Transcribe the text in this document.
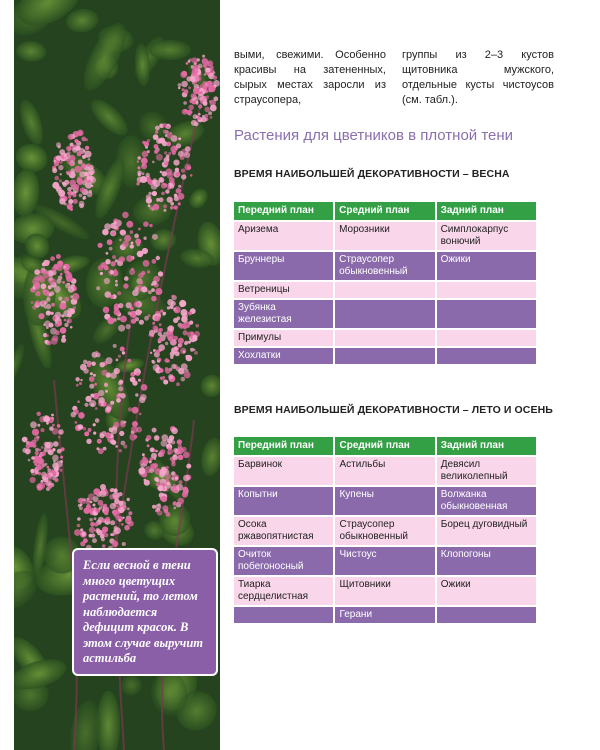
Если весной в тени много цветущих растений, то летом наблюдается дефицит красок. В этом случае выручит астильба
выми, свежими. Особенно красивы на затененных, сырых местах заросли из страусопера,
группы из 2–3 кустов щитовника мужского, отдельные кусты чистоусов (см. табл.).
Растения для цветников в плотной тени
ВРЕМЯ НАИБОЛЬШЕЙ ДЕКОРАТИВНОСТИ – ВЕСНА
Передний план	Средний план	Задний план
Аризема	Морозники	Симплокарпус вонючий
Бруннеры	Страусопер обыкновенный	Ожики
Ветреницы		
Зубянка железистая		
Примулы		
Хохлатки		
ВРЕМЯ НАИБОЛЬШЕЙ ДЕКОРАТИВНОСТИ – ЛЕТО И ОСЕНЬ
Передний план	Средний план	Задний план
Барвинок	Астильбы	Девясил великолепный
Копытни	Купены	Волжанка обыкновенная
Осока ржавопятнистая	Страусопер обыкновенный	Борец дуговидный
Очиток побегоносный	Чистоус	Клопогоны
Тиарка сердцелистная	Щитовники	Ожики
	Герани	
